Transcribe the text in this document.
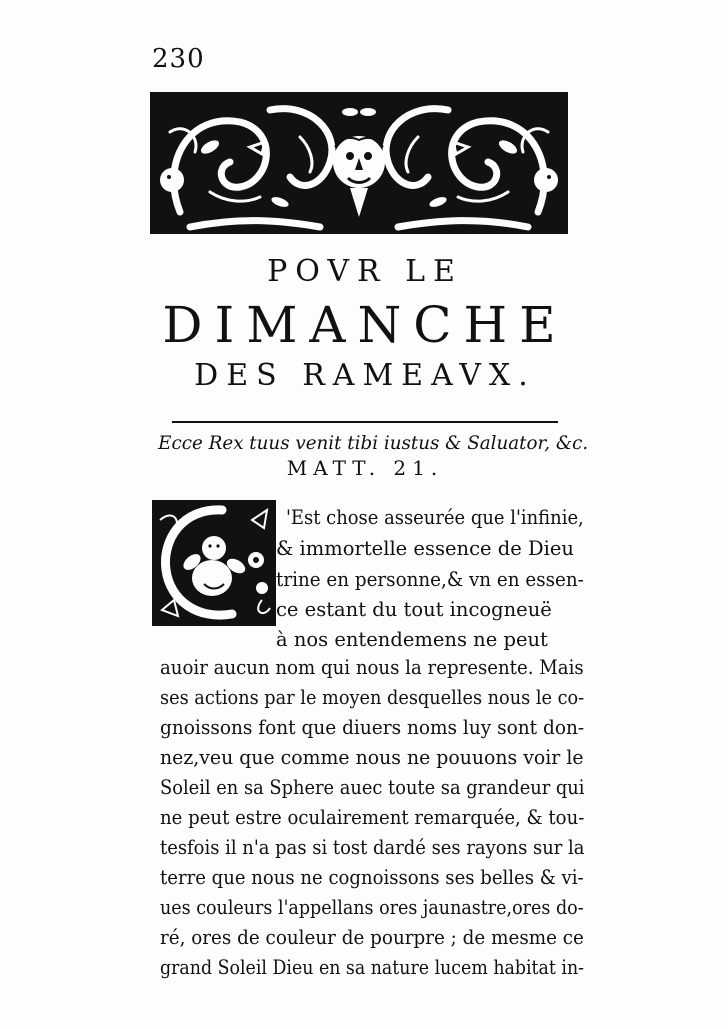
230
POVR LE
DIMANCHE
DES RAMEAVX.
Ecce Rex tuus venit tibi iustus & Saluator, &c.
MATT. 21.
'Est chose asseurée que l'infinie,
& immortelle essence de Dieu
trine en personne,& vn en essen-
ce estant du tout incogneuë
à nos entendemens ne peut
auoir aucun nom qui nous la represente. Mais
ses actions par le moyen desquelles nous le co-
gnoissons font que diuers noms luy sont don-
nez,veu que comme nous ne pouuons voir le
Soleil en sa Sphere auec toute sa grandeur qui
ne peut estre oculairement remarquée, & tou-
tesfois il n'a pas si tost dardé ses rayons sur la
terre que nous ne cognoissons ses belles & vi-
ues couleurs l'appellans ores jaunastre,ores do-
ré, ores de couleur de pourpre ; de mesme ce
grand Soleil Dieu en sa nature lucem habitat in-
